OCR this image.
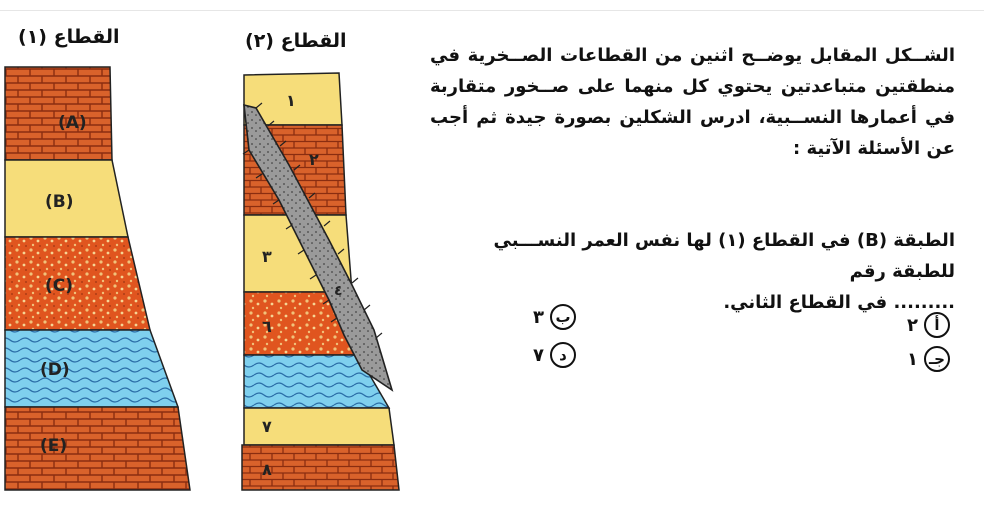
القطاع (١)	القطاع (٢)
(A)
(B)
(C)
(D)
(E)
١
٢
٣
٤
٦
٧
٨
الشــكل المقابل يوضــح اثنين من القطاعات الصــخرية في منطقتين متباعدتين يحتوي كل منهما على صــخور متقاربة في أعمارها النســبية، ادرس الشكلين بصورة جيدة ثم أجب عن الأسئلة الآتية :
الطبقة (B) في القطاع (١) لها نفس العمر النســـبي للطبقة رقم
......... في القطاع الثاني.
أ
٢
ب
٣
جـ
١
د
٧
